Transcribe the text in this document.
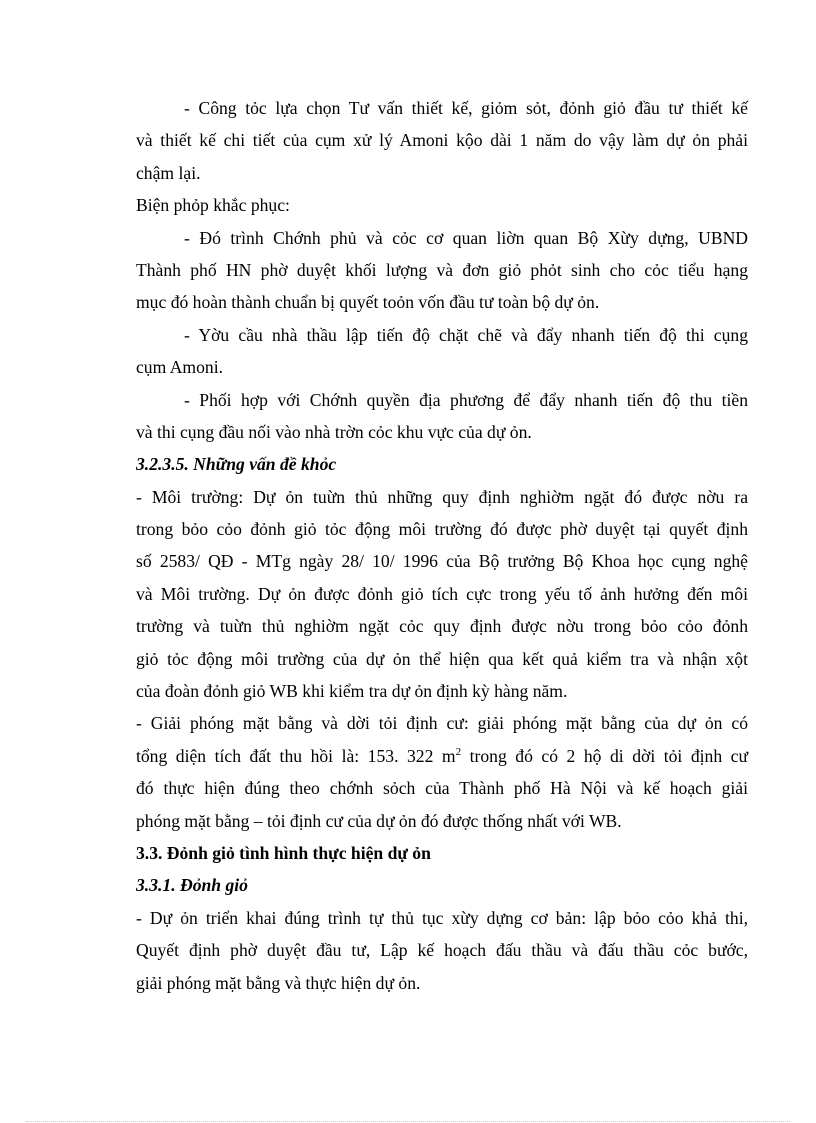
- Công tỏc lựa chọn Tư vấn thiết kế, giỏm sỏt, đỏnh giỏ đầu tư thiết kế
và thiết kế chi tiết của cụm xử lý Amoni kộo dài 1 năm do vậy làm dự ỏn phải
chậm lại.
Biện phỏp khắc phục:
- Đó trình Chớnh phủ và cỏc cơ quan liờn quan Bộ Xừy dựng, UBND
Thành phố HN phờ duyệt khối lượng và đơn giỏ phỏt sinh cho cỏc tiểu hạng
mục đó hoàn thành chuẩn bị quyết toỏn vốn đầu tư toàn bộ dự ỏn.
- Yờu cầu nhà thầu lập tiến độ chặt chẽ và đẩy nhanh tiến độ thi cụng
cụm Amoni.
- Phối hợp với Chớnh quyền địa phương để đẩy nhanh tiến độ thu tiền
và thi cụng đầu nối vào nhà trờn cỏc khu vực của dự ỏn.
3.2.3.5. Những vấn đề khỏc
- Môi trường: Dự ỏn tuừn thủ những quy định nghiờm ngặt đó được nờu ra
trong bỏo cỏo đỏnh giỏ tỏc động môi trường đó được phờ duyệt tại quyết định
số 2583/ QĐ - MTg ngày 28/ 10/ 1996 của Bộ trưởng Bộ Khoa học cụng nghệ
và Môi trường. Dự ỏn được đỏnh giỏ tích cực trong yếu tố ảnh hưởng đến môi
trường và tuừn thủ nghiờm ngặt cỏc quy định được nờu trong bỏo cỏo đỏnh
giỏ tỏc động môi trường của dự ỏn thể hiện qua kết quả kiểm tra và nhận xột
của đoàn đỏnh giỏ WB khi kiểm tra dự ỏn định kỳ hàng năm.
- Giải phóng mặt bằng và dời tỏi định cư: giải phóng mặt bằng của dự ỏn có
tổng diện tích đất thu hồi là: 153. 322 $m^2$ trong đó có 2 hộ di dời tỏi định cư
đó thực hiện đúng theo chớnh sỏch của Thành phố Hà Nội và kế hoạch giải
phóng mặt bằng – tỏi định cư của dự ỏn đó được thống nhất với WB.
3.3. Đỏnh giỏ tình hình thực hiện dự ỏn
3.3.1. Đỏnh giỏ
- Dự ỏn triển khai đúng trình tự thủ tục xừy dựng cơ bản: lập bỏo cỏo khả thi,
Quyết định phờ duyệt đầu tư, Lập kế hoạch đấu thầu và đấu thầu cỏc bước,
giải phóng mặt bằng và thực hiện dự ỏn.
